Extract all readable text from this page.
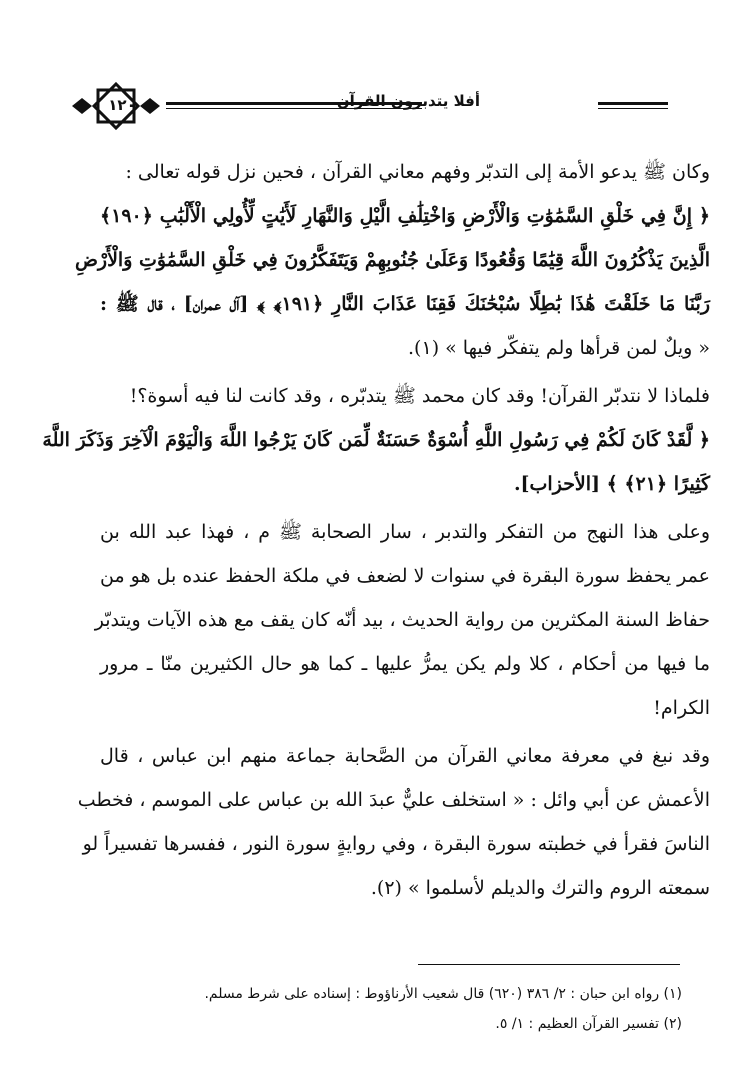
١٢٠	أفلا يتدبرون القرآن
وكان ﷺ يدعو الأمة إلى التدبّر وفهم معاني القرآن ، فحين نزل قوله تعالى :
﴿ إِنَّ فِي خَلْقِ السَّمَٰوَٰتِ وَالْأَرْضِ وَاخْتِلَٰفِ الَّيْلِ وَالنَّهَارِ لَأَيَٰتٍ لِّأُولِي الْأَلْبَٰبِ ﴿١٩٠﴾
الَّذِينَ يَذْكُرُونَ اللَّهَ قِيَٰمًا وَقُعُودًا وَعَلَىٰ جُنُوبِهِمْ وَيَتَفَكَّرُونَ فِي خَلْقِ السَّمَٰوَٰتِ وَالْأَرْضِ
رَبَّنَا مَا خَلَقْتَ هَٰذَا بَٰطِلًا سُبْحَٰنَكَ فَقِنَا عَذَابَ النَّارِ ﴿١٩١﴾ ﴾ [آل عمران] ، قال ﷺ :
« ويلٌ لمن قرأها ولم يتفكّر فيها » (١).
فلماذا لا نتدبّر القرآن! وقد كان محمد ﷺ يتدبّره ، وقد كانت لنا فيه أسوة؟!
﴿ لَّقَدْ كَانَ لَكُمْ فِي رَسُولِ اللَّهِ أُسْوَةٌ حَسَنَةٌ لِّمَن كَانَ يَرْجُوا اللَّهَ وَالْيَوْمَ الْآخِرَ وَذَكَرَ اللَّهَ
كَثِيرًا ﴿٢١﴾ ﴾ [الأحزاب].
وعلى هذا النهج من التفكر والتدبر ، سار الصحابة ﷺ م ، فهذا عبد الله بن
عمر يحفظ سورة البقرة في سنوات لا لضعف في ملكة الحفظ عنده بل هو من
حفاظ السنة المكثرين من رواية الحديث ، بيد أنّه كان يقف مع هذه الآيات ويتدبّر
ما فيها من أحكام ، كلا ولم يكن يمرُّ عليها ـ كما هو حال الكثيرين منّا ـ مرور
الكرام!
وقد نبغ في معرفة معاني القرآن من الصَّحابة جماعة منهم ابن عباس ، قال
الأعمش عن أبي وائل : « استخلف عليٌّ عبدَ الله بن عباس على الموسم ، فخطب
الناسَ فقرأ في خطبته سورة البقرة ، وفي روايةٍ سورة النور ، ففسرها تفسيراً لو
سمعته الروم والترك والديلم لأسلموا » (٢).
(١) رواه ابن حبان : ٢/ ٣٨٦ (٦٢٠) قال شعيب الأرناؤوط : إسناده على شرط مسلم.
(٢) تفسير القرآن العظيم : ١/ ٥.
